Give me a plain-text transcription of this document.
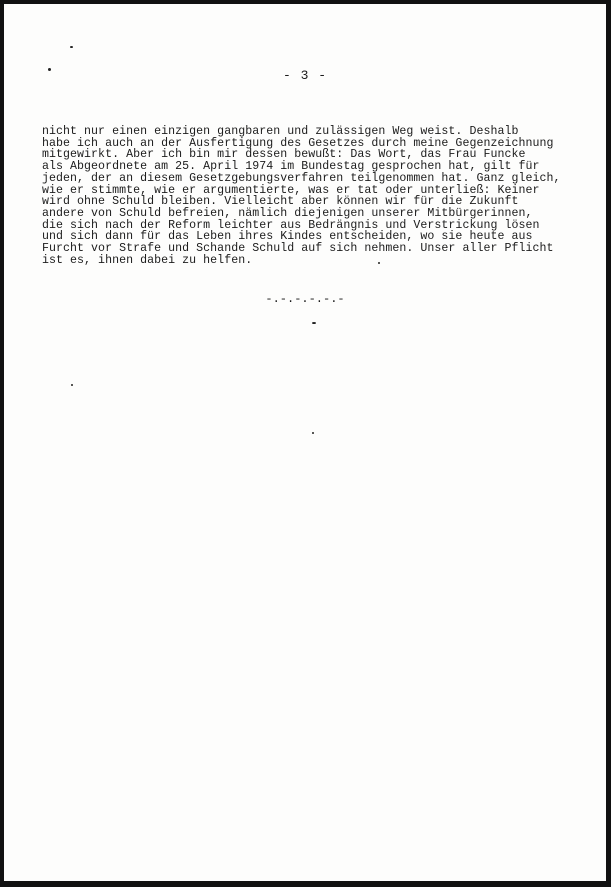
- 3 -
nicht nur einen einzigen gangbaren und zulässigen Weg weist. Deshalb
habe ich auch an der Ausfertigung des Gesetzes durch meine Gegenzeichnung
mitgewirkt. Aber ich bin mir dessen bewußt: Das Wort, das Frau Funcke
als Abgeordnete am 25. April 1974 im Bundestag gesprochen hat, gilt für
jeden, der an diesem Gesetzgebungsverfahren teilgenommen hat. Ganz gleich,
wie er stimmte, wie er argumentierte, was er tat oder unterließ: Keiner
wird ohne Schuld bleiben. Vielleicht aber können wir für die Zukunft
andere von Schuld befreien, nämlich diejenigen unserer Mitbürgerinnen,
die sich nach der Reform leichter aus Bedrängnis und Verstrickung lösen
und sich dann für das Leben ihres Kindes entscheiden, wo sie heute aus
Furcht vor Strafe und Schande Schuld auf sich nehmen. Unser aller Pflicht
ist es, ihnen dabei zu helfen.
-.-.-.-.-.-
